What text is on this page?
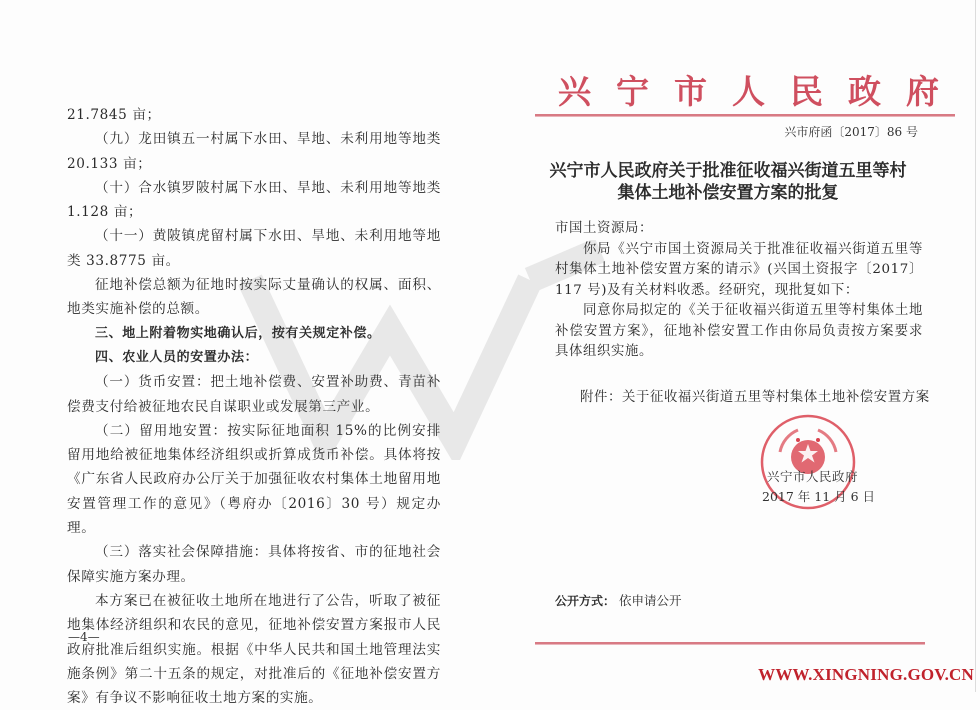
21.7845 亩；

（九）龙田镇五一村属下水田、旱地、未利用地等地类 20.133 亩；

（十）合水镇罗陂村属下水田、旱地、未利用地等地类 1.128 亩；

（十一）黄陂镇虎留村属下水田、旱地、未利用地等地类 33.8775 亩。

征地补偿总额为征地时按实际丈量确认的权属、面积、地类实施补偿的总额。

三、地上附着物实地确认后，按有关规定补偿。

四、农业人员的安置办法：

（一）货币安置：把土地补偿费、安置补助费、青苗补偿费支付给被征地农民自谋职业或发展第三产业。

（二）留用地安置：按实际征地面积 15%的比例安排留用地给被征地集体经济组织或折算成货币补偿。具体将按《广东省人民政府办公厅关于加强征收农村集体土地留用地安置管理工作的意见》（粤府办〔2016〕30 号）规定办理。

（三）落实社会保障措施：具体将按省、市的征地社会保障实施方案办理。

本方案已在被征收土地所在地进行了公告，听取了被征地集体经济组织和农民的意见，征地补偿安置方案报市人民政府批准后组织实施。根据《中华人民共和国土地管理法实施条例》第二十五条的规定，对批准后的《征地补偿安置方案》有争议不影响征收土地方案的实施。

—4—
兴宁市人民政府
兴市府函〔2017〕86 号
兴宁市人民政府关于批准征收福兴街道五里等村
集体土地补偿安置方案的批复

市国土资源局：

你局《兴宁市国土资源局关于批准征收福兴街道五里等村集体土地补偿安置方案的请示》(兴国土资报字〔2017〕117 号)及有关材料收悉。经研究，现批复如下：

同意你局拟定的《关于征收福兴街道五里等村集体土地补偿安置方案》，征地补偿安置工作由你局负责按方案要求具体组织实施。

附件：关于征收福兴街道五里等村集体土地补偿安置方案
兴宁市人民政府
2017 年 11 月 6 日
公开方式： 依申请公开
WWW.XINGNING.GOV.CN
